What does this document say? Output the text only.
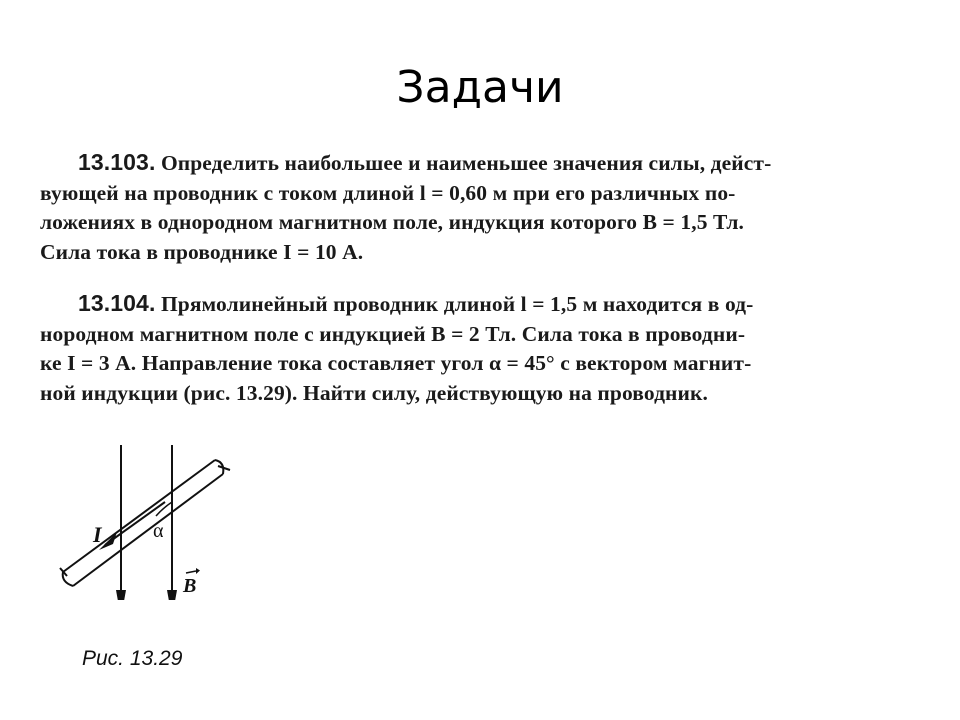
Задачи
13.103. Определить наибольшее и наименьшее значения силы, дейст-
вующей на проводник с током длиной l = 0,60 м при его различных по-
ложениях в однородном магнитном поле, индукция которого B = 1,5 Тл.
Сила тока в проводнике I = 10 А.
13.104. Прямолинейный проводник длиной l = 1,5 м находится в од-
нородном магнитном поле с индукцией B = 2 Тл. Сила тока в проводни-
ке I = 3 А. Направление тока составляет угол α = 45° с вектором магнит-
ной индукции (рис. 13.29). Найти силу, действующую на проводник.
I	α
B
Рис. 13.29
